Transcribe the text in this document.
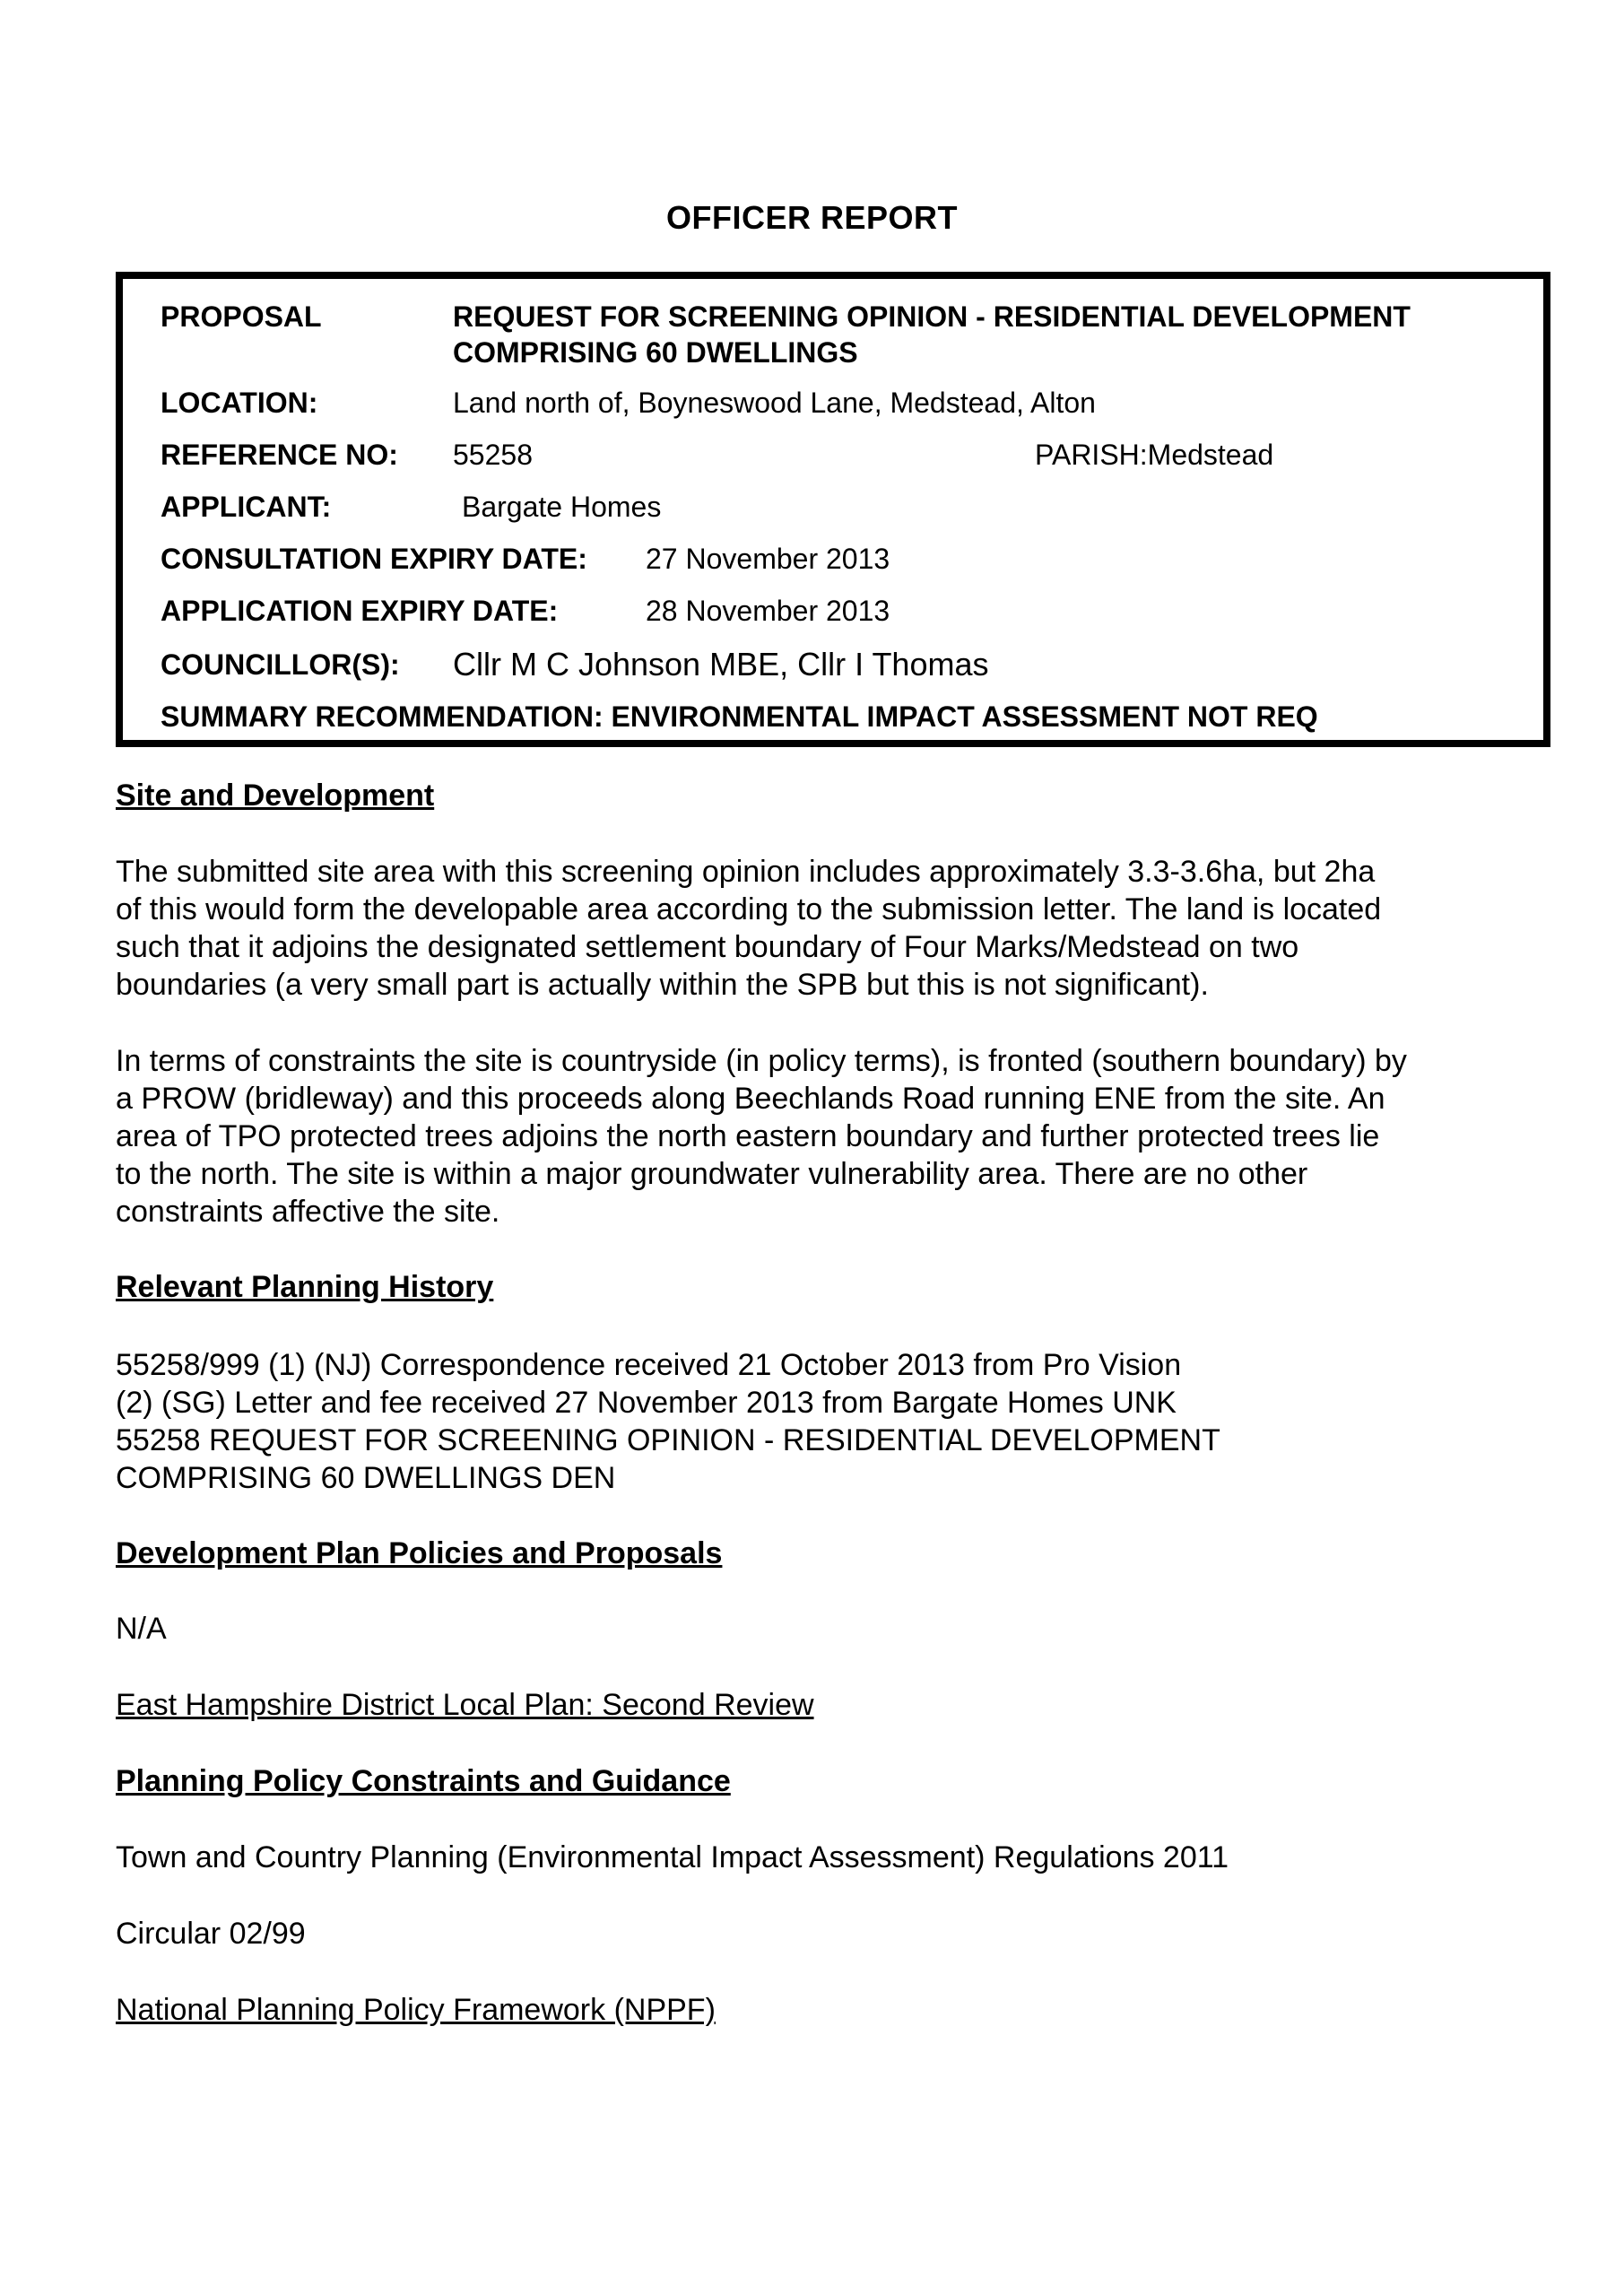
OFFICER REPORT
PROPOSAL	REQUEST FOR SCREENING OPINION - RESIDENTIAL DEVELOPMENT
COMPRISING 60 DWELLINGS
LOCATION:	Land north of, Boyneswood Lane, Medstead, Alton
REFERENCE NO: 55258	PARISH:Medstead
APPLICANT:	Bargate Homes
CONSULTATION EXPIRY DATE: 27 November 2013
APPLICATION EXPIRY DATE:	28 November 2013
COUNCILLOR(S): Cllr M C Johnson MBE, Cllr I Thomas
SUMMARY RECOMMENDATION: ENVIRONMENTAL IMPACT ASSESSMENT NOT REQ
Site and Development
The submitted site area with this screening opinion includes approximately 3.3-3.6ha, but 2ha
of this would form the developable area according to the submission letter. The land is located
such that it adjoins the designated settlement boundary of Four Marks/Medstead on two
boundaries (a very small part is actually within the SPB but this is not significant).
In terms of constraints the site is countryside (in policy terms), is fronted (southern boundary) by
a PROW (bridleway) and this proceeds along Beechlands Road running ENE from the site. An
area of TPO protected trees adjoins the north eastern boundary and further protected trees lie
to the north. The site is within a major groundwater vulnerability area. There are no other
constraints affective the site.
Relevant Planning History
55258/999 (1) (NJ) Correspondence received 21 October 2013 from Pro Vision
(2) (SG) Letter and fee received 27 November 2013 from Bargate Homes UNK
55258 REQUEST FOR SCREENING OPINION - RESIDENTIAL DEVELOPMENT
COMPRISING 60 DWELLINGS DEN
Development Plan Policies and Proposals
N/A
East Hampshire District Local Plan: Second Review
Planning Policy Constraints and Guidance
Town and Country Planning (Environmental Impact Assessment) Regulations 2011
Circular 02/99
National Planning Policy Framework (NPPF)
